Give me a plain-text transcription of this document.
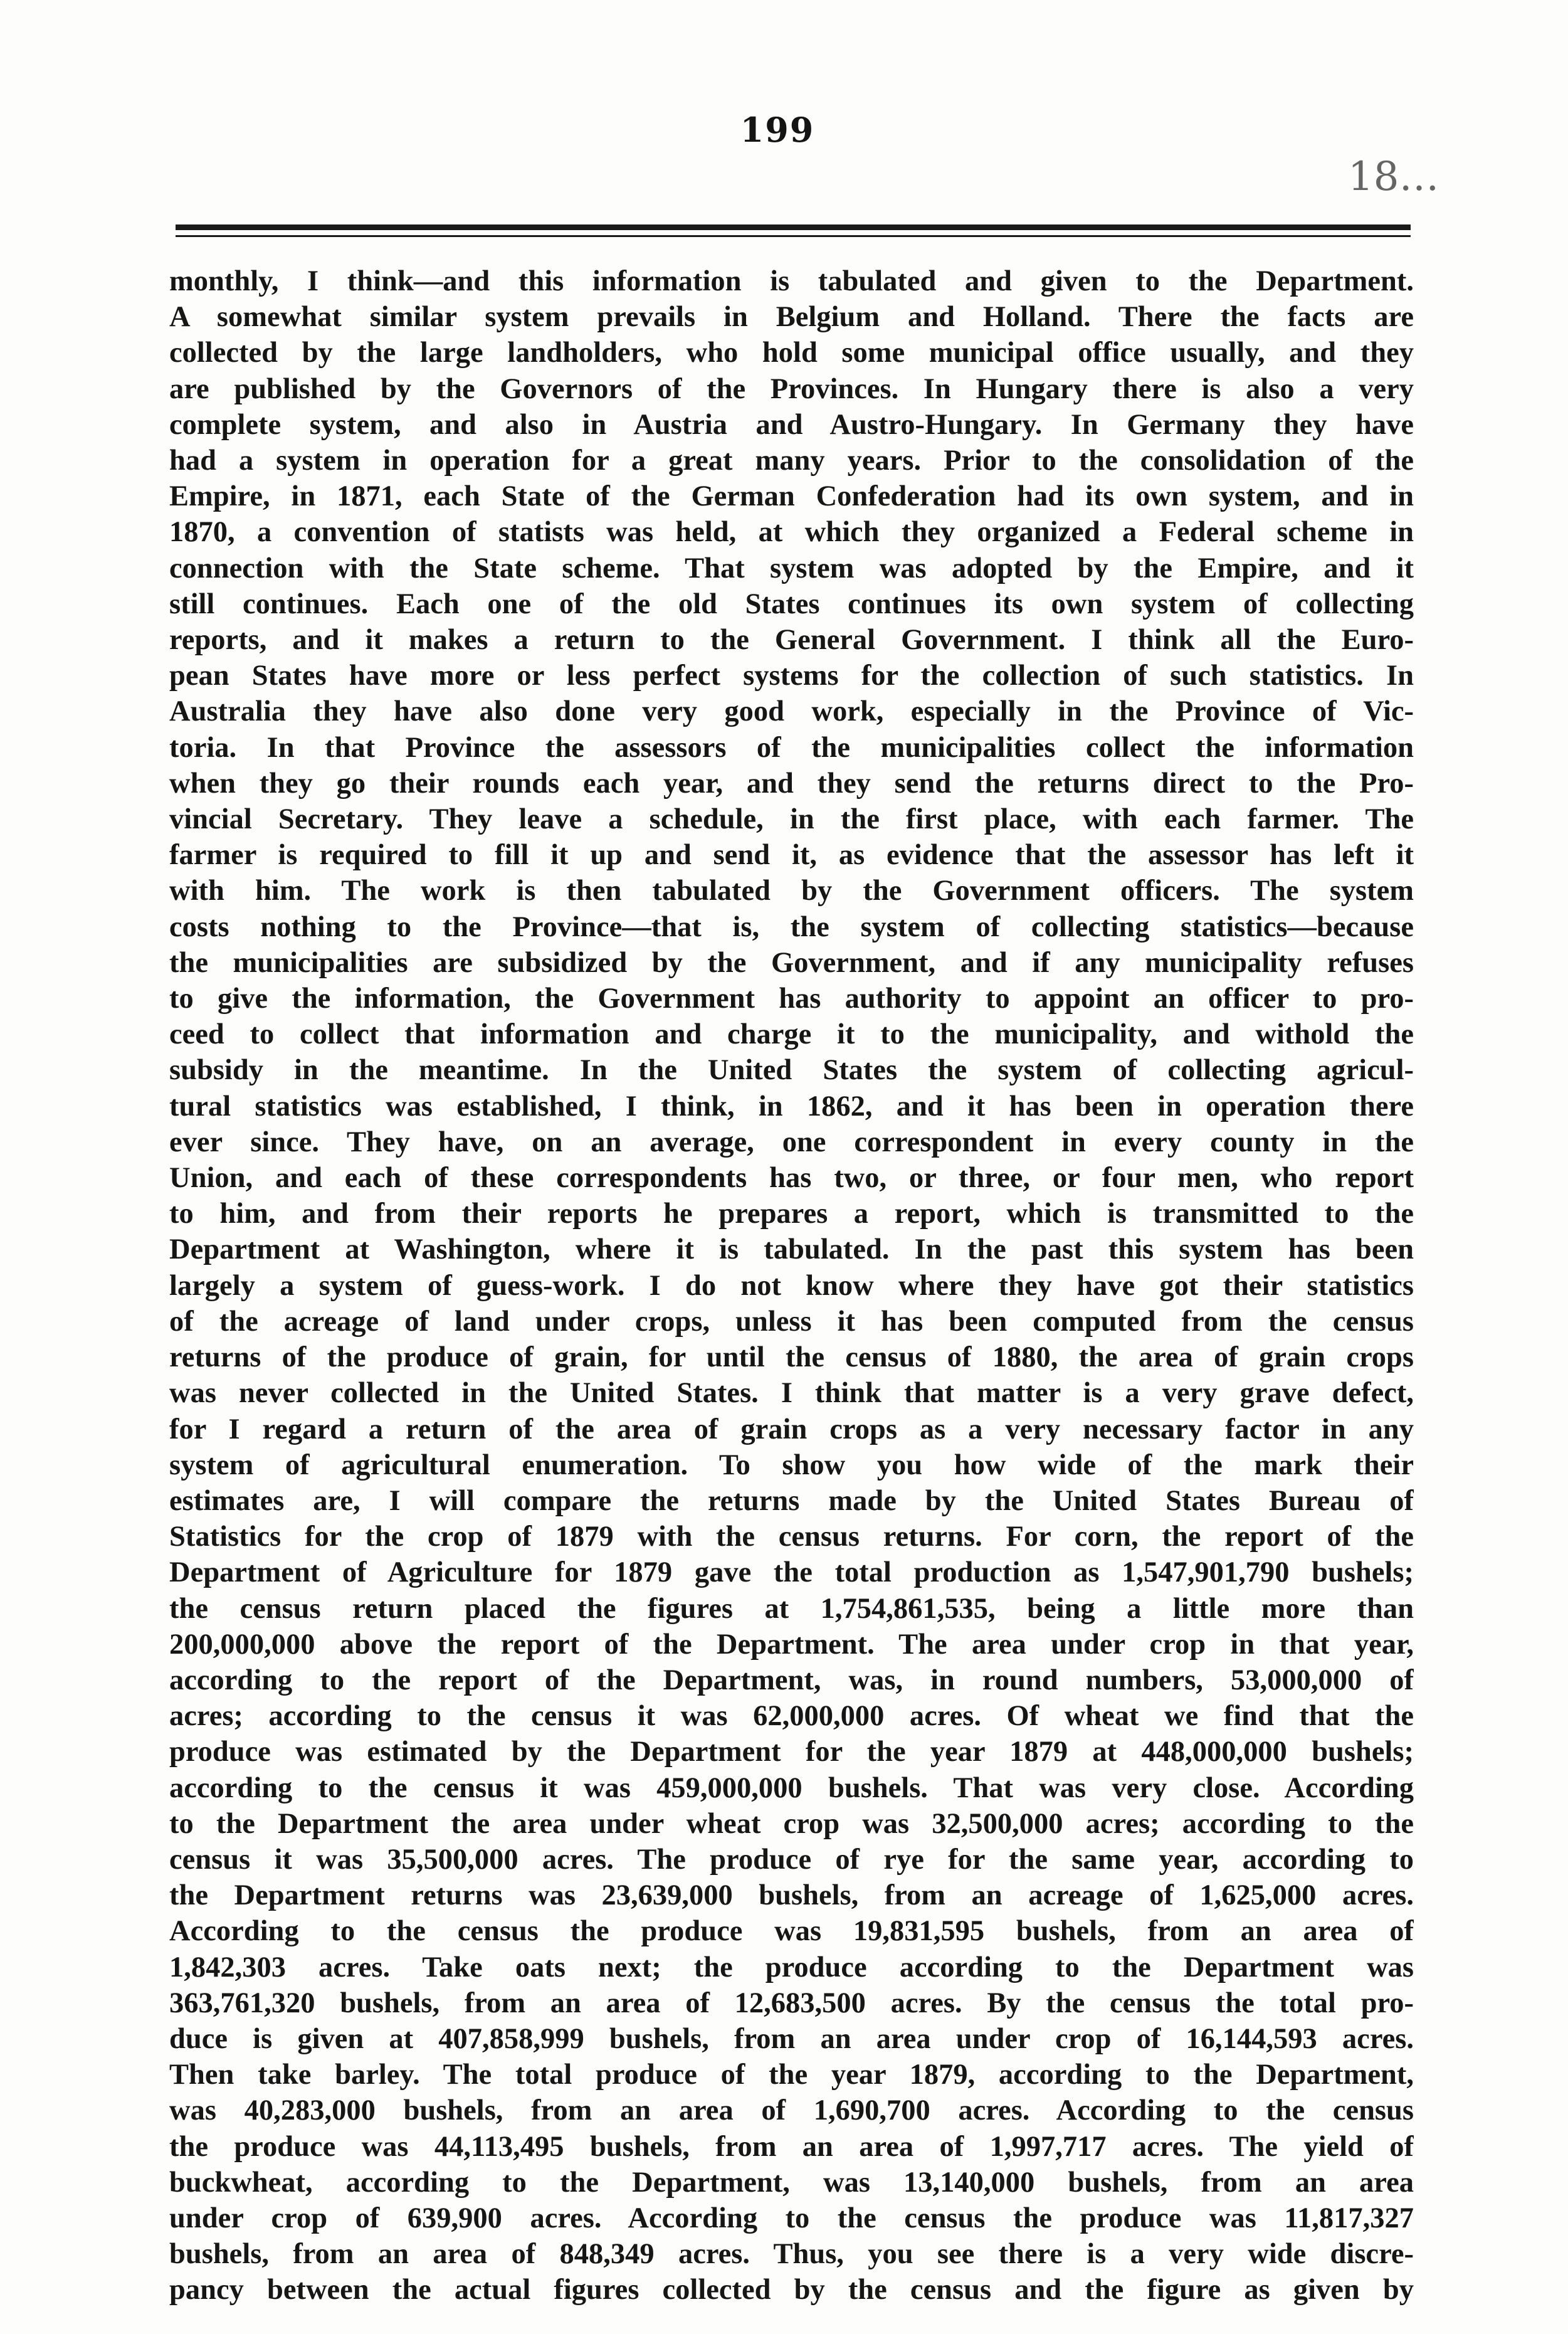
199
18…
monthly, I think—and this information is tabulated and given to the Department.
A somewhat similar system prevails in Belgium and Holland. There the facts are
collected by the large landholders, who hold some municipal office usually, and they
are published by the Governors of the Provinces. In Hungary there is also a very
complete system, and also in Austria and Austro-Hungary. In Germany they have
had a system in operation for a great many years. Prior to the consolidation of the
Empire, in 1871, each State of the German Confederation had its own system, and in
1870, a convention of statists was held, at which they organized a Federal scheme in
connection with the State scheme. That system was adopted by the Empire, and it
still continues. Each one of the old States continues its own system of collecting
reports, and it makes a return to the General Government. I think all the Euro-
pean States have more or less perfect systems for the collection of such statistics. In
Australia they have also done very good work, especially in the Province of Vic-
toria. In that Province the assessors of the municipalities collect the information
when they go their rounds each year, and they send the returns direct to the Pro-
vincial Secretary. They leave a schedule, in the first place, with each farmer. The
farmer is required to fill it up and send it, as evidence that the assessor has left it
with him. The work is then tabulated by the Government officers. The system
costs nothing to the Province—that is, the system of collecting statistics—because
the municipalities are subsidized by the Government, and if any municipality refuses
to give the information, the Government has authority to appoint an officer to pro-
ceed to collect that information and charge it to the municipality, and withold the
subsidy in the meantime. In the United States the system of collecting agricul-
tural statistics was established, I think, in 1862, and it has been in operation there
ever since. They have, on an average, one correspondent in every county in the
Union, and each of these correspondents has two, or three, or four men, who report
to him, and from their reports he prepares a report, which is transmitted to the
Department at Washington, where it is tabulated. In the past this system has been
largely a system of guess-work. I do not know where they have got their statistics
of the acreage of land under crops, unless it has been computed from the census
returns of the produce of grain, for until the census of 1880, the area of grain crops
was never collected in the United States. I think that matter is a very grave defect,
for I regard a return of the area of grain crops as a very necessary factor in any
system of agricultural enumeration. To show you how wide of the mark their
estimates are, I will compare the returns made by the United States Bureau of
Statistics for the crop of 1879 with the census returns. For corn, the report of the
Department of Agriculture for 1879 gave the total production as 1,547,901,790 bushels;
the census return placed the figures at 1,754,861,535, being a little more than
200,000,000 above the report of the Department. The area under crop in that year,
according to the report of the Department, was, in round numbers, 53,000,000 of
acres; according to the census it was 62,000,000 acres. Of wheat we find that the
produce was estimated by the Department for the year 1879 at 448,000,000 bushels;
according to the census it was 459,000,000 bushels. That was very close. According
to the Department the area under wheat crop was 32,500,000 acres; according to the
census it was 35,500,000 acres. The produce of rye for the same year, according to
the Department returns was 23,639,000 bushels, from an acreage of 1,625,000 acres.
According to the census the produce was 19,831,595 bushels, from an area of
1,842,303 acres. Take oats next; the produce according to the Department was
363,761,320 bushels, from an area of 12,683,500 acres. By the census the total pro-
duce is given at 407,858,999 bushels, from an area under crop of 16,144,593 acres.
Then take barley. The total produce of the year 1879, according to the Department,
was 40,283,000 bushels, from an area of 1,690,700 acres. According to the census
the produce was 44,113,495 bushels, from an area of 1,997,717 acres. The yield of
buckwheat, according to the Department, was 13,140,000 bushels, from an area
under crop of 639,900 acres. According to the census the produce was 11,817,327
bushels, from an area of 848,349 acres. Thus, you see there is a very wide discre-
pancy between the actual figures collected by the census and the figure as given by
